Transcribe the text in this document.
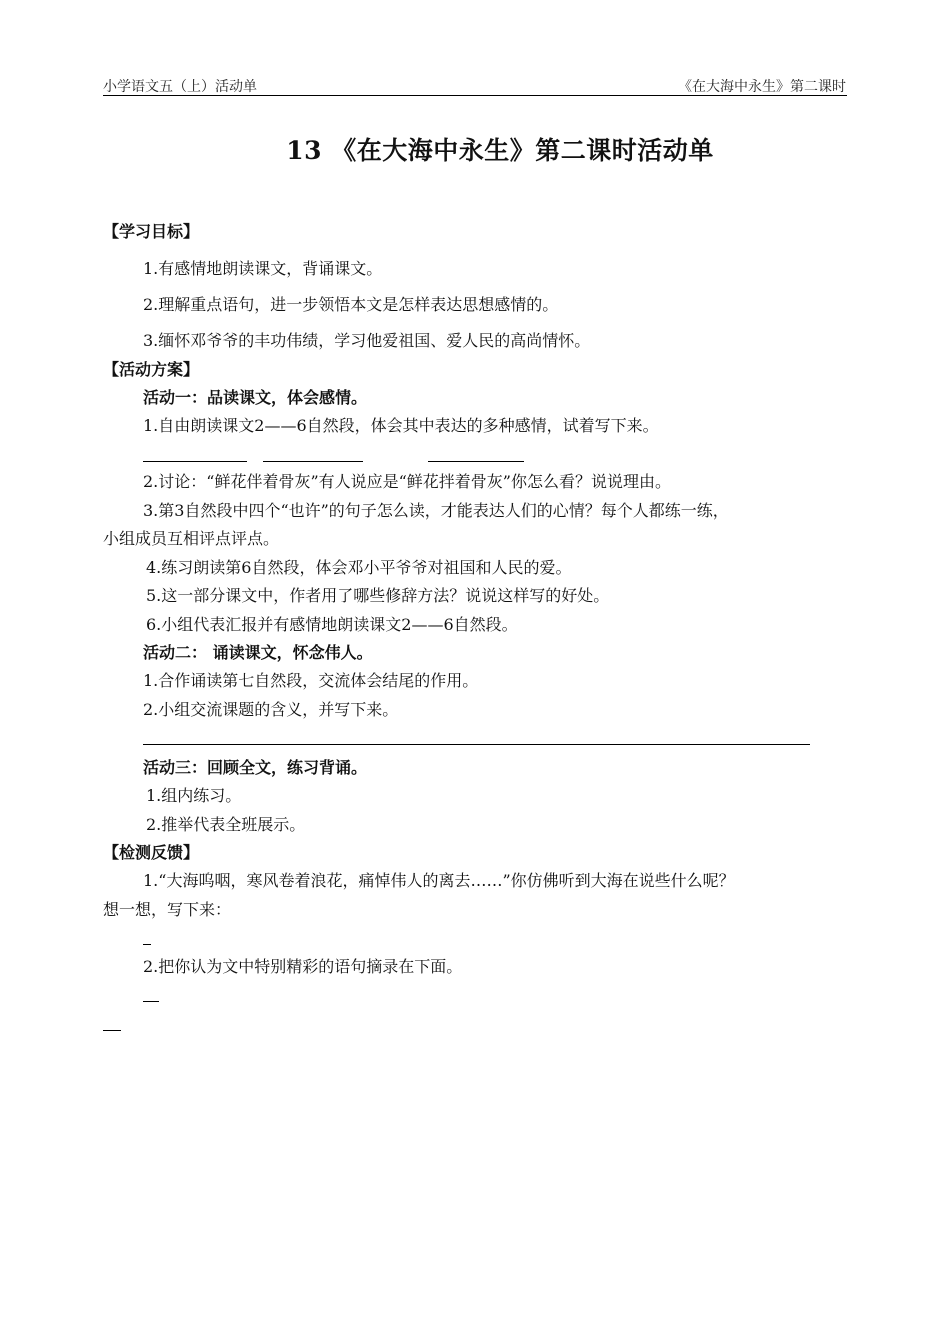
小学语文五（上）活动单	《在大海中永生》第二课时
13 《在大海中永生》第二课时活动单
【学习目标】
1.有感情地朗读课文，背诵课文。
2.理解重点语句，进一步领悟本文是怎样表达思想感情的。
3.缅怀邓爷爷的丰功伟绩，学习他爱祖国、爱人民的高尚情怀。
【活动方案】
活动一：品读课文，体会感情。
1.自由朗读课文2——6自然段，体会其中表达的多种感情，试着写下来。
2.讨论：“鲜花伴着骨灰”有人说应是“鲜花拌着骨灰”你怎么看？说说理由。
3.第3自然段中四个“也许”的句子怎么读，才能表达人们的心情？每个人都练一练，
小组成员互相评点评点。
4.练习朗读第6自然段，体会邓小平爷爷对祖国和人民的爱。
5.这一部分课文中，作者用了哪些修辞方法？说说这样写的好处。
6.小组代表汇报并有感情地朗读课文2——6自然段。
活动二： 诵读课文，怀念伟人。
1.合作诵读第七自然段，交流体会结尾的作用。
2.小组交流课题的含义，并写下来。
活动三：回顾全文，练习背诵。
1.组内练习。
2.推举代表全班展示。
【检测反馈】
1.“大海呜咽，寒风卷着浪花，痛悼伟人的离去……”你仿佛听到大海在说些什么呢？
想一想，写下来：
2.把你认为文中特别精彩的语句摘录在下面。
